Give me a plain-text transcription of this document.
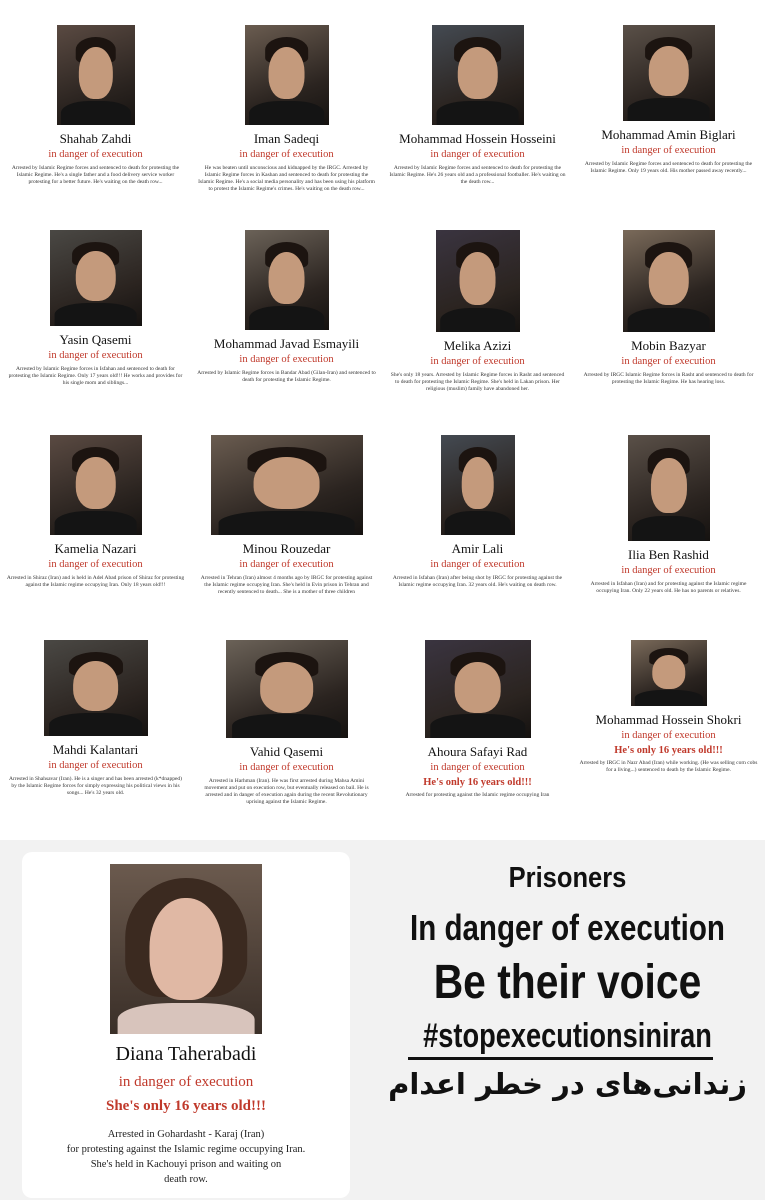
Shahab Zahdi
in danger of execution
Arrested by Islamic Regime forces and sentenced to death for protesting the Islamic Regime. He's a single father and a food delivery service worker protesting for a better future. He's waiting on the death row...
Iman Sadeqi
in danger of execution
He was beaten until unconscious and kidnapped by the IRGC. Arrested by Islamic Regime forces in Kashan and sentenced to death for protesting the Islamic Regime. He's a social media personality and has been using his platform to protest the Islamic Regime's crimes. He's waiting on the death row...
Mohammad Hossein Hosseini
in danger of execution
Arrested by Islamic Regime forces and sentenced to death for protesting the Islamic Regime. He's 26 years old and a professional footballer. He's waiting on the death row...
Mohammad Amin Biglari
in danger of execution
Arrested by Islamic Regime forces and sentenced to death for protesting the Islamic Regime. Only 19 years old. His mother passed away recently...
Yasin Qasemi
in danger of execution
Arrested by Islamic Regime forces in Isfahan and sentenced to death for protesting the Islamic Regime. Only 17 years old!!! He works and provides for his single mom and siblings...
Mohammad Javad Esmayili
in danger of execution
Arrested by Islamic Regime forces in Bandar Abad (Gilan-Iran) and sentenced to death for protesting the Islamic Regime.
Melika Azizi
in danger of execution
She's only 18 years. Arrested by Islamic Regime forces in Rasht and sentenced to death for protesting the Islamic Regime. She's held in Lakan prison. Her religious (muslim) family have abandoned her.
Mobin Bazyar
in danger of execution
Arrested by IRGC Islamic Regime forces in Rasht and sentenced to death for protesting the Islamic Regime. He has hearing loss.
Kamelia Nazari
in danger of execution
Arrested in Shiraz (Iran) and is held in Adel Abad prison of Shiraz for protesting against the Islamic regime occupying Iran. Only 18 years old!!!
Minou Rouzedar
in danger of execution
Arrested in Tehran (Iran) almost 4 months ago by IRGC for protesting against the Islamic regime occupying Iran. She's held in Evin prison in Tehran and recently sentenced to death... She is a mother of three children
Amir Lali
in danger of execution
Arrested in Isfahan (Iran) after being shot by IRGC for protesting against the Islamic regime occupying Iran. 32 years old. He's waiting on death row.
Ilia Ben Rashid
in danger of execution
Arrested in Isfahan (Iran) and for protesting against the Islamic regime occupying Iran. Only 22 years old. He has no parents or relatives.
Mahdi Kalantari
in danger of execution
Arrested in Shahsavar (Iran). He is a singer and has been arrested (k*dnapped) by the Islamic Regime forces for simply expressing his political views in his songs... He's 32 years old.
Vahid Qasemi
in danger of execution
Arrested in Harhman (Iran). He was first arrested during Mahsa Amini movement and put on execution row, but eventually released on bail. He is arrested and in danger of execution again during the recent Revolutionary uprising against the Islamic Regime.
Ahoura Safayi Rad
in danger of execution
He's only 16 years old!!!
Arrested for protesting against the Islamic regime occupying Iran
Mohammad Hossein Shokri
in danger of execution
He's only 16 years old!!!
Arrested by IRGC in Nazr Abad (Iran) while working. (He was selling corn cobs for a living...) sentenced to death by the Islamic Regime.
Diana Taherabadi
in danger of execution
She's only 16 years old!!!
Arrested in Gohardasht - Karaj (Iran)
for protesting against the Islamic regime occupying Iran.
She's held in Kachouyi prison and waiting on
death row.
Prisoners
In danger of execution
Be their voice
#stopexecutionsiniran
زندانی‌های در خطر اعدام
